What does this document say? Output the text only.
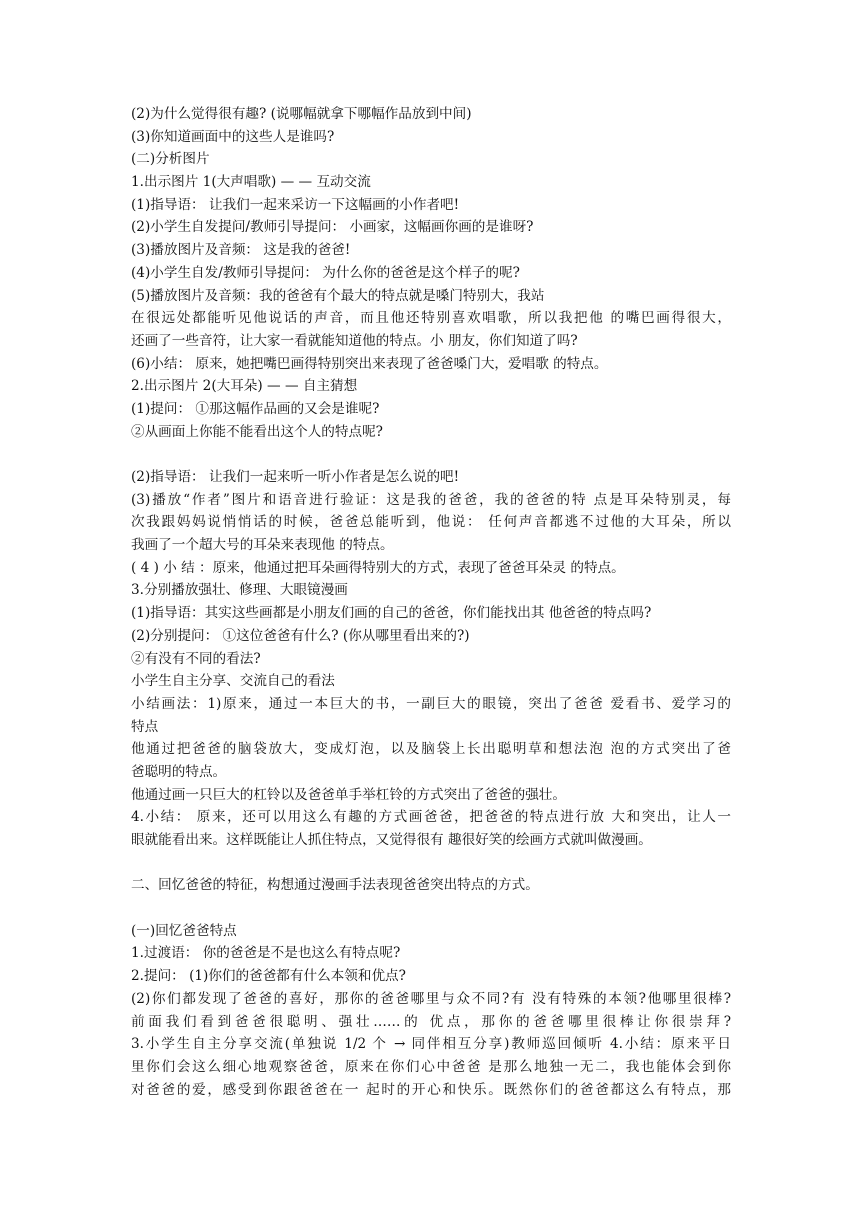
(2)为什么觉得很有趣? (说哪幅就拿下哪幅作品放到中间)
(3)你知道画面中的这些人是谁吗?
(二)分析图片
1.出示图片 1(大声唱歌) — — 互动交流
(1)指导语： 让我们一起来采访一下这幅画的小作者吧!
(2)小学生自发提问/教师引导提问： 小画家，这幅画你画的是谁呀?
(3)播放图片及音频： 这是我的爸爸!
(4)小学生自发/教师引导提问： 为什么你的爸爸是这个样子的呢?
(5)播放图片及音频：我的爸爸有个最大的特点就是嗓门特别大，我站
在很远处都能听见他说话的声音，而且他还特别喜欢唱歌，所以我把他 的嘴巴画得很大，
还画了一些音符，让大家一看就能知道他的特点。小 朋友，你们知道了吗?
(6)小结： 原来，她把嘴巴画得特别突出来表现了爸爸嗓门大，爱唱歌 的特点。
2.出示图片 2(大耳朵) — — 自主猜想
(1)提问： ①那这幅作品画的又会是谁呢?
②从画面上你能不能看出这个人的特点呢?
(2)指导语： 让我们一起来听一听小作者是怎么说的吧!
(3)播放“作者”图片和语音进行验证：这是我的爸爸，我的爸爸的特 点是耳朵特别灵，每
次我跟妈妈说悄悄话的时候，爸爸总能听到，他说： 任何声音都逃不过他的大耳朵，所以
我画了一个超大号的耳朵来表现他 的特点。
( 4 ) 小 结 ：原来，他通过把耳朵画得特别大的方式，表现了爸爸耳朵灵 的特点。
3.分别播放强壮、修理、大眼镜漫画
(1)指导语：其实这些画都是小朋友们画的自己的爸爸，你们能找出其 他爸爸的特点吗?
(2)分别提问： ①这位爸爸有什么? (你从哪里看出来的?)
②有没有不同的看法?
小学生自主分享、交流自己的看法
小结画法：1)原来，通过一本巨大的书，一副巨大的眼镜，突出了爸爸 爱看书、爱学习的
特点
他通过把爸爸的脑袋放大，变成灯泡，以及脑袋上长出聪明草和想法泡 泡的方式突出了爸
爸聪明的特点。
他通过画一只巨大的杠铃以及爸爸单手举杠铃的方式突出了爸爸的强壮。
4.小结： 原来，还可以用这么有趣的方式画爸爸，把爸爸的特点进行放 大和突出，让人一
眼就能看出来。这样既能让人抓住特点，又觉得很有 趣很好笑的绘画方式就叫做漫画。
二、回忆爸爸的特征，构想通过漫画手法表现爸爸突出特点的方式。
(一)回忆爸爸特点
1.过渡语： 你的爸爸是不是也这么有特点呢?
2.提问： (1)你们的爸爸都有什么本领和优点?
(2)你们都发现了爸爸的喜好，那你的爸爸哪里与众不同?有 没有特殊的本领?他哪里很棒?
前面我们看到爸爸很聪明、强壮……的 优点，那你的爸爸哪里很棒让你很崇拜?
3.小学生自主分享交流(单独说 1/2 个 → 同伴相互分享)教师巡回倾听 4.小结：原来平日
里你们会这么细心地观察爸爸，原来在你们心中爸爸 是那么地独一无二，我也能体会到你
对爸爸的爱，感受到你跟爸爸在一 起时的开心和快乐。既然你们的爸爸都这么有特点，那
